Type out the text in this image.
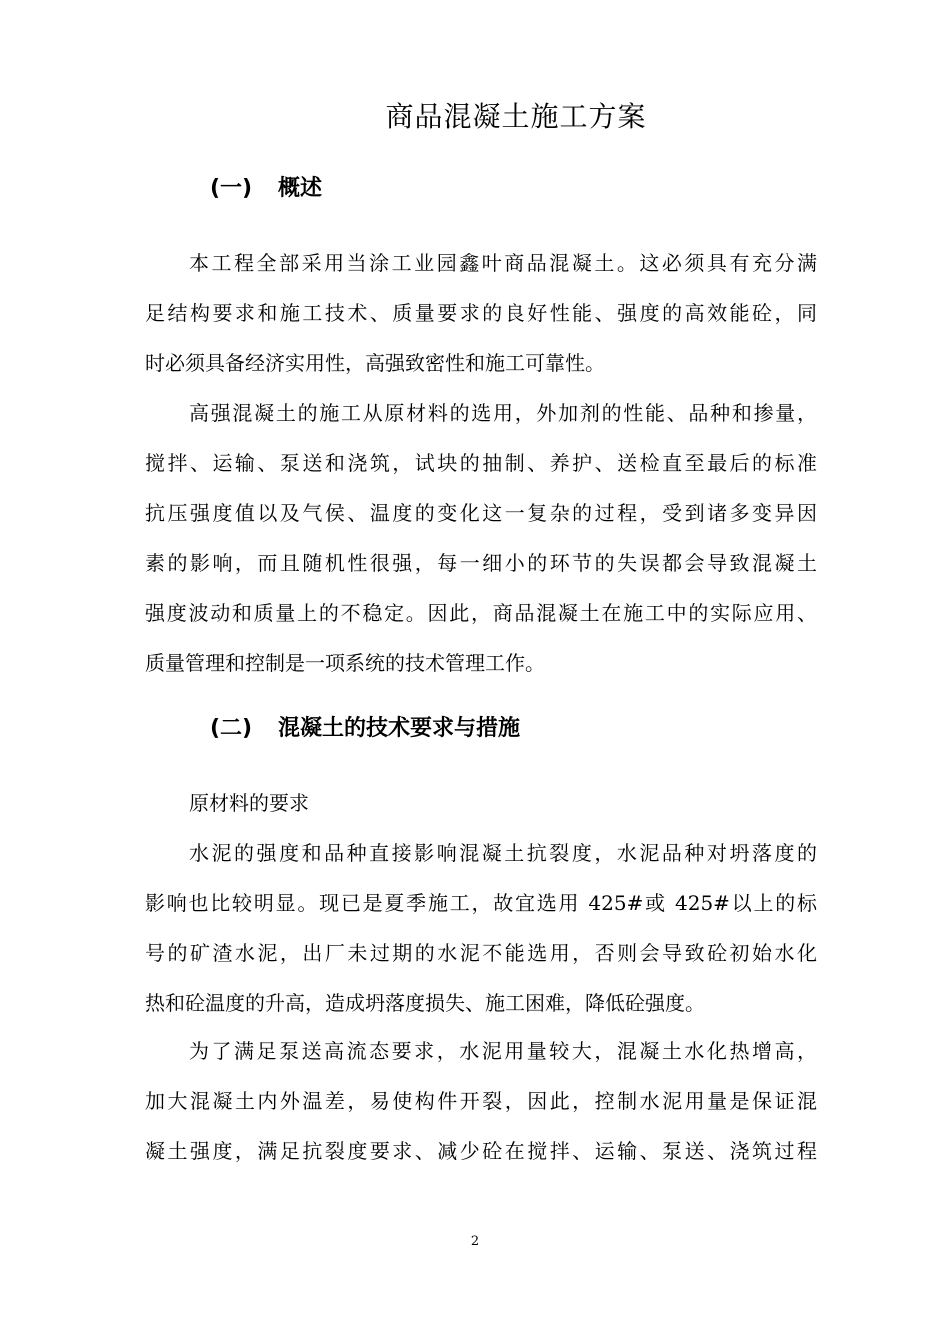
商品混凝土施工方案
(一) 概述
本工程全部采用当涂工业园鑫叶商品混凝土。这必须具有充分满
足结构要求和施工技术、质量要求的良好性能、强度的高效能砼，同
时必须具备经济实用性，高强致密性和施工可靠性。
高强混凝土的施工从原材料的选用，外加剂的性能、品种和掺量，
搅拌、运输、泵送和浇筑，试块的抽制、养护、送检直至最后的标准
抗压强度值以及气侯、温度的变化这一复杂的过程，受到诸多变异因
素的影响，而且随机性很强，每一细小的环节的失误都会导致混凝土
强度波动和质量上的不稳定。因此，商品混凝土在施工中的实际应用、
质量管理和控制是一项系统的技术管理工作。
(二) 混凝土的技术要求与措施
原材料的要求
水泥的强度和品种直接影响混凝土抗裂度，水泥品种对坍落度的
影响也比较明显。现已是夏季施工，故宜选用 425#或 425#以上的标
号的矿渣水泥，出厂未过期的水泥不能选用，否则会导致砼初始水化
热和砼温度的升高，造成坍落度损失、施工困难，降低砼强度。
为了满足泵送高流态要求，水泥用量较大，混凝土水化热增高，
加大混凝土内外温差，易使构件开裂，因此，控制水泥用量是保证混
凝土强度，满足抗裂度要求、减少砼在搅拌、运输、泵送、浇筑过程
2
